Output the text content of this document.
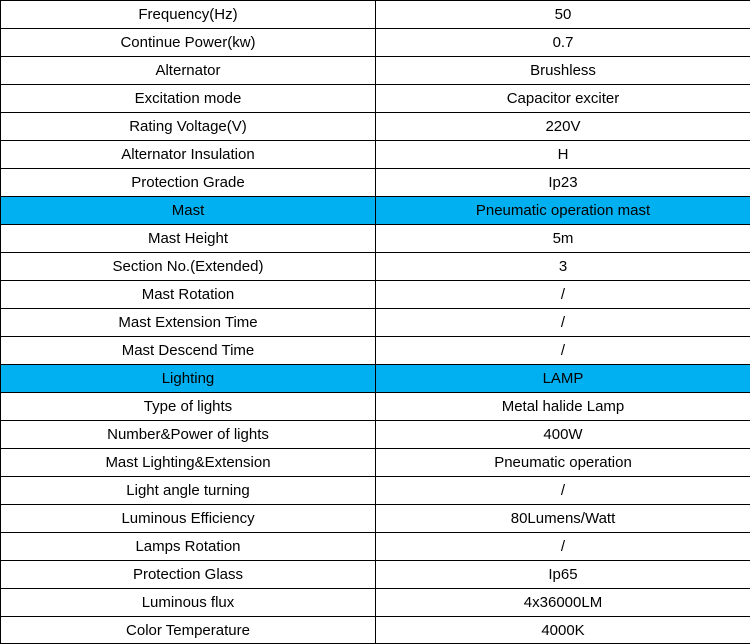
Frequency(Hz)	50
Continue Power(kw)	0.7
Alternator	Brushless
Excitation mode	Capacitor exciter
Rating Voltage(V)	220V
Alternator Insulation	H
Protection Grade	Ip23
Mast	Pneumatic operation mast
Mast Height	5m
Section No.(Extended)	3
Mast Rotation	/
Mast Extension Time	/
Mast Descend Time	/
Lighting	LAMP
Type of lights	Metal halide Lamp
Number&Power of lights	400W
Mast Lighting&Extension	Pneumatic operation
Light angle turning	/
Luminous Efficiency	80Lumens/Watt
Lamps Rotation	/
Protection Glass	Ip65
Luminous flux	4x36000LM
Color Temperature	4000K
